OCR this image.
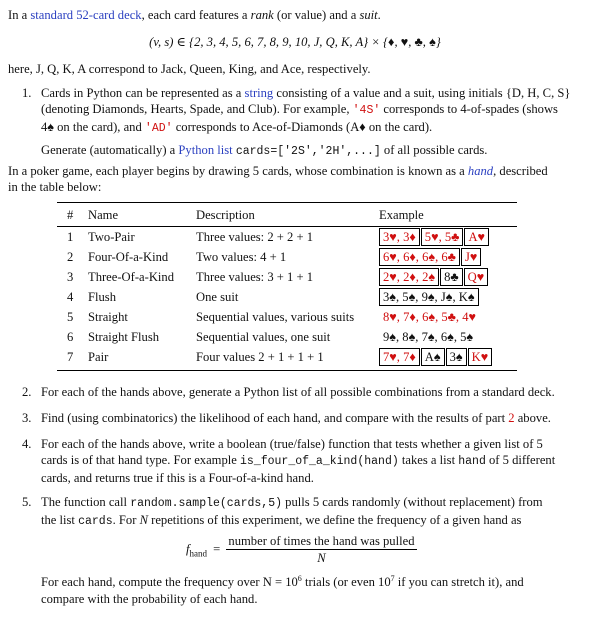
In a standard 52-card deck, each card features a rank (or value) and a suit.
(v, s) ∈ {2, 3, 4, 5, 6, 7, 8, 9, 10, J, Q, K, A} × {♦, ♥, ♣, ♠}
here, J, Q, K, A correspond to Jack, Queen, King, and Ace, respectively.
1. Cards in Python can be represented as a string consisting of a value and a suit, using initials {D, H, C, S}
(denoting Diamonds, Hearts, Spade, and Club). For example, '4S' corresponds to 4-of-spades (shows
4♠ on the card), and 'AD' corresponds to Ace-of-Diamonds (A♦ on the card).
Generate (automatically) a Python list cards=['2S','2H',...] of all possible cards.
In a poker game, each player begins by drawing 5 cards, whose combination is known as a hand, described
in the table below:
#	Name	Description	Example
1	Two-Pair	Three values: 2 + 2 + 1	3♥, 3♦ 5♥, 5♣ A♥
2	Four-Of-a-Kind	Two values: 4 + 1	6♥, 6♦, 6♠, 6♣ J♥
3	Three-Of-a-Kind	Three values: 3 + 1 + 1	2♥, 2♦, 2♠ 8♣ Q♥
4	Flush	One suit	3♠, 5♠, 9♠, J♠, K♠
5	Straight	Sequential values, various suits	8♥, 7♦, 6♠, 5♣, 4♥
6	Straight Flush	Sequential values, one suit	9♠, 8♠, 7♠, 6♠, 5♠
7	Pair	Four values 2 + 1 + 1 + 1	7♥, 7♦ A♠ 3♠ K♥
2. For each of the hands above, generate a Python list of all possible combinations from a standard deck.
3. Find (using combinatorics) the likelihood of each hand, and compare with the results of part 2 above.
4. For each of the hands above, write a boolean (true/false) function that tests whether a given list of 5
cards is of that hand type. For example is_four_of_a_kind(hand) takes a list hand of 5 different
cards, and returns true if this is a Four-of-a-kind hand.
5. The function call random.sample(cards,5) pulls 5 cards randomly (without replacement) from
the list cards. For N repetitions of this experiment, we define the frequency of a given hand as
$f_{hand} = \frac{\text{number of times the hand was pulled}}{N}$
For each hand, compute the frequency over $N = 10^6$ trials (or even $10^7$ if you can stretch it), and
compare with the probability of each hand.
